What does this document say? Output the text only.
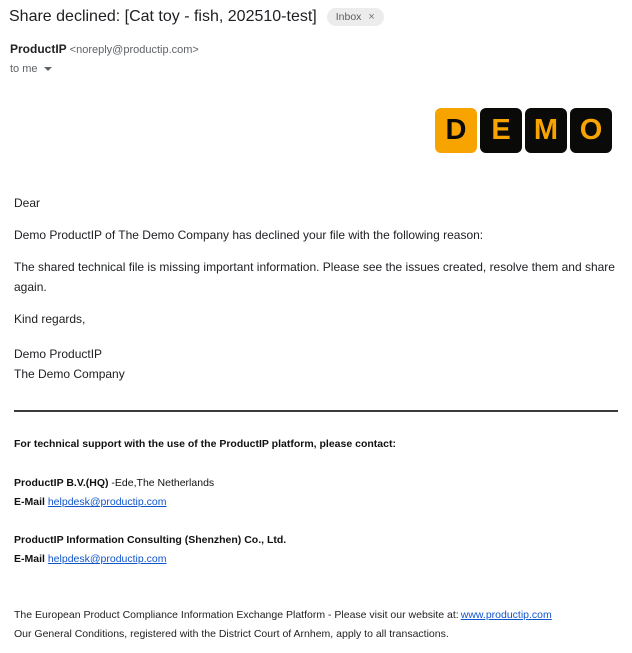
Share declined: [Cat toy - fish, 202510-test] Inbox ×
ProductIP <noreply@productip.com>
to me
D E M O

Dear

Demo ProductIP of The Demo Company has declined your file with the following reason:

The shared technical file is missing important information. Please see the issues created, resolve them and share again.

Kind regards,

Demo ProductIP
The Demo Company

For technical support with the use of the ProductIP platform, please contact:
ProductIP B.V.(HQ) -Ede,The Netherlands
E-Mail helpdesk@productip.com
ProductIP Information Consulting (Shenzhen) Co., Ltd.
E-Mail helpdesk@productip.com
The European Product Compliance Information Exchange Platform - Please visit our website at: www.productip.com
Our General Conditions, registered with the District Court of Arnhem, apply to all transactions.
